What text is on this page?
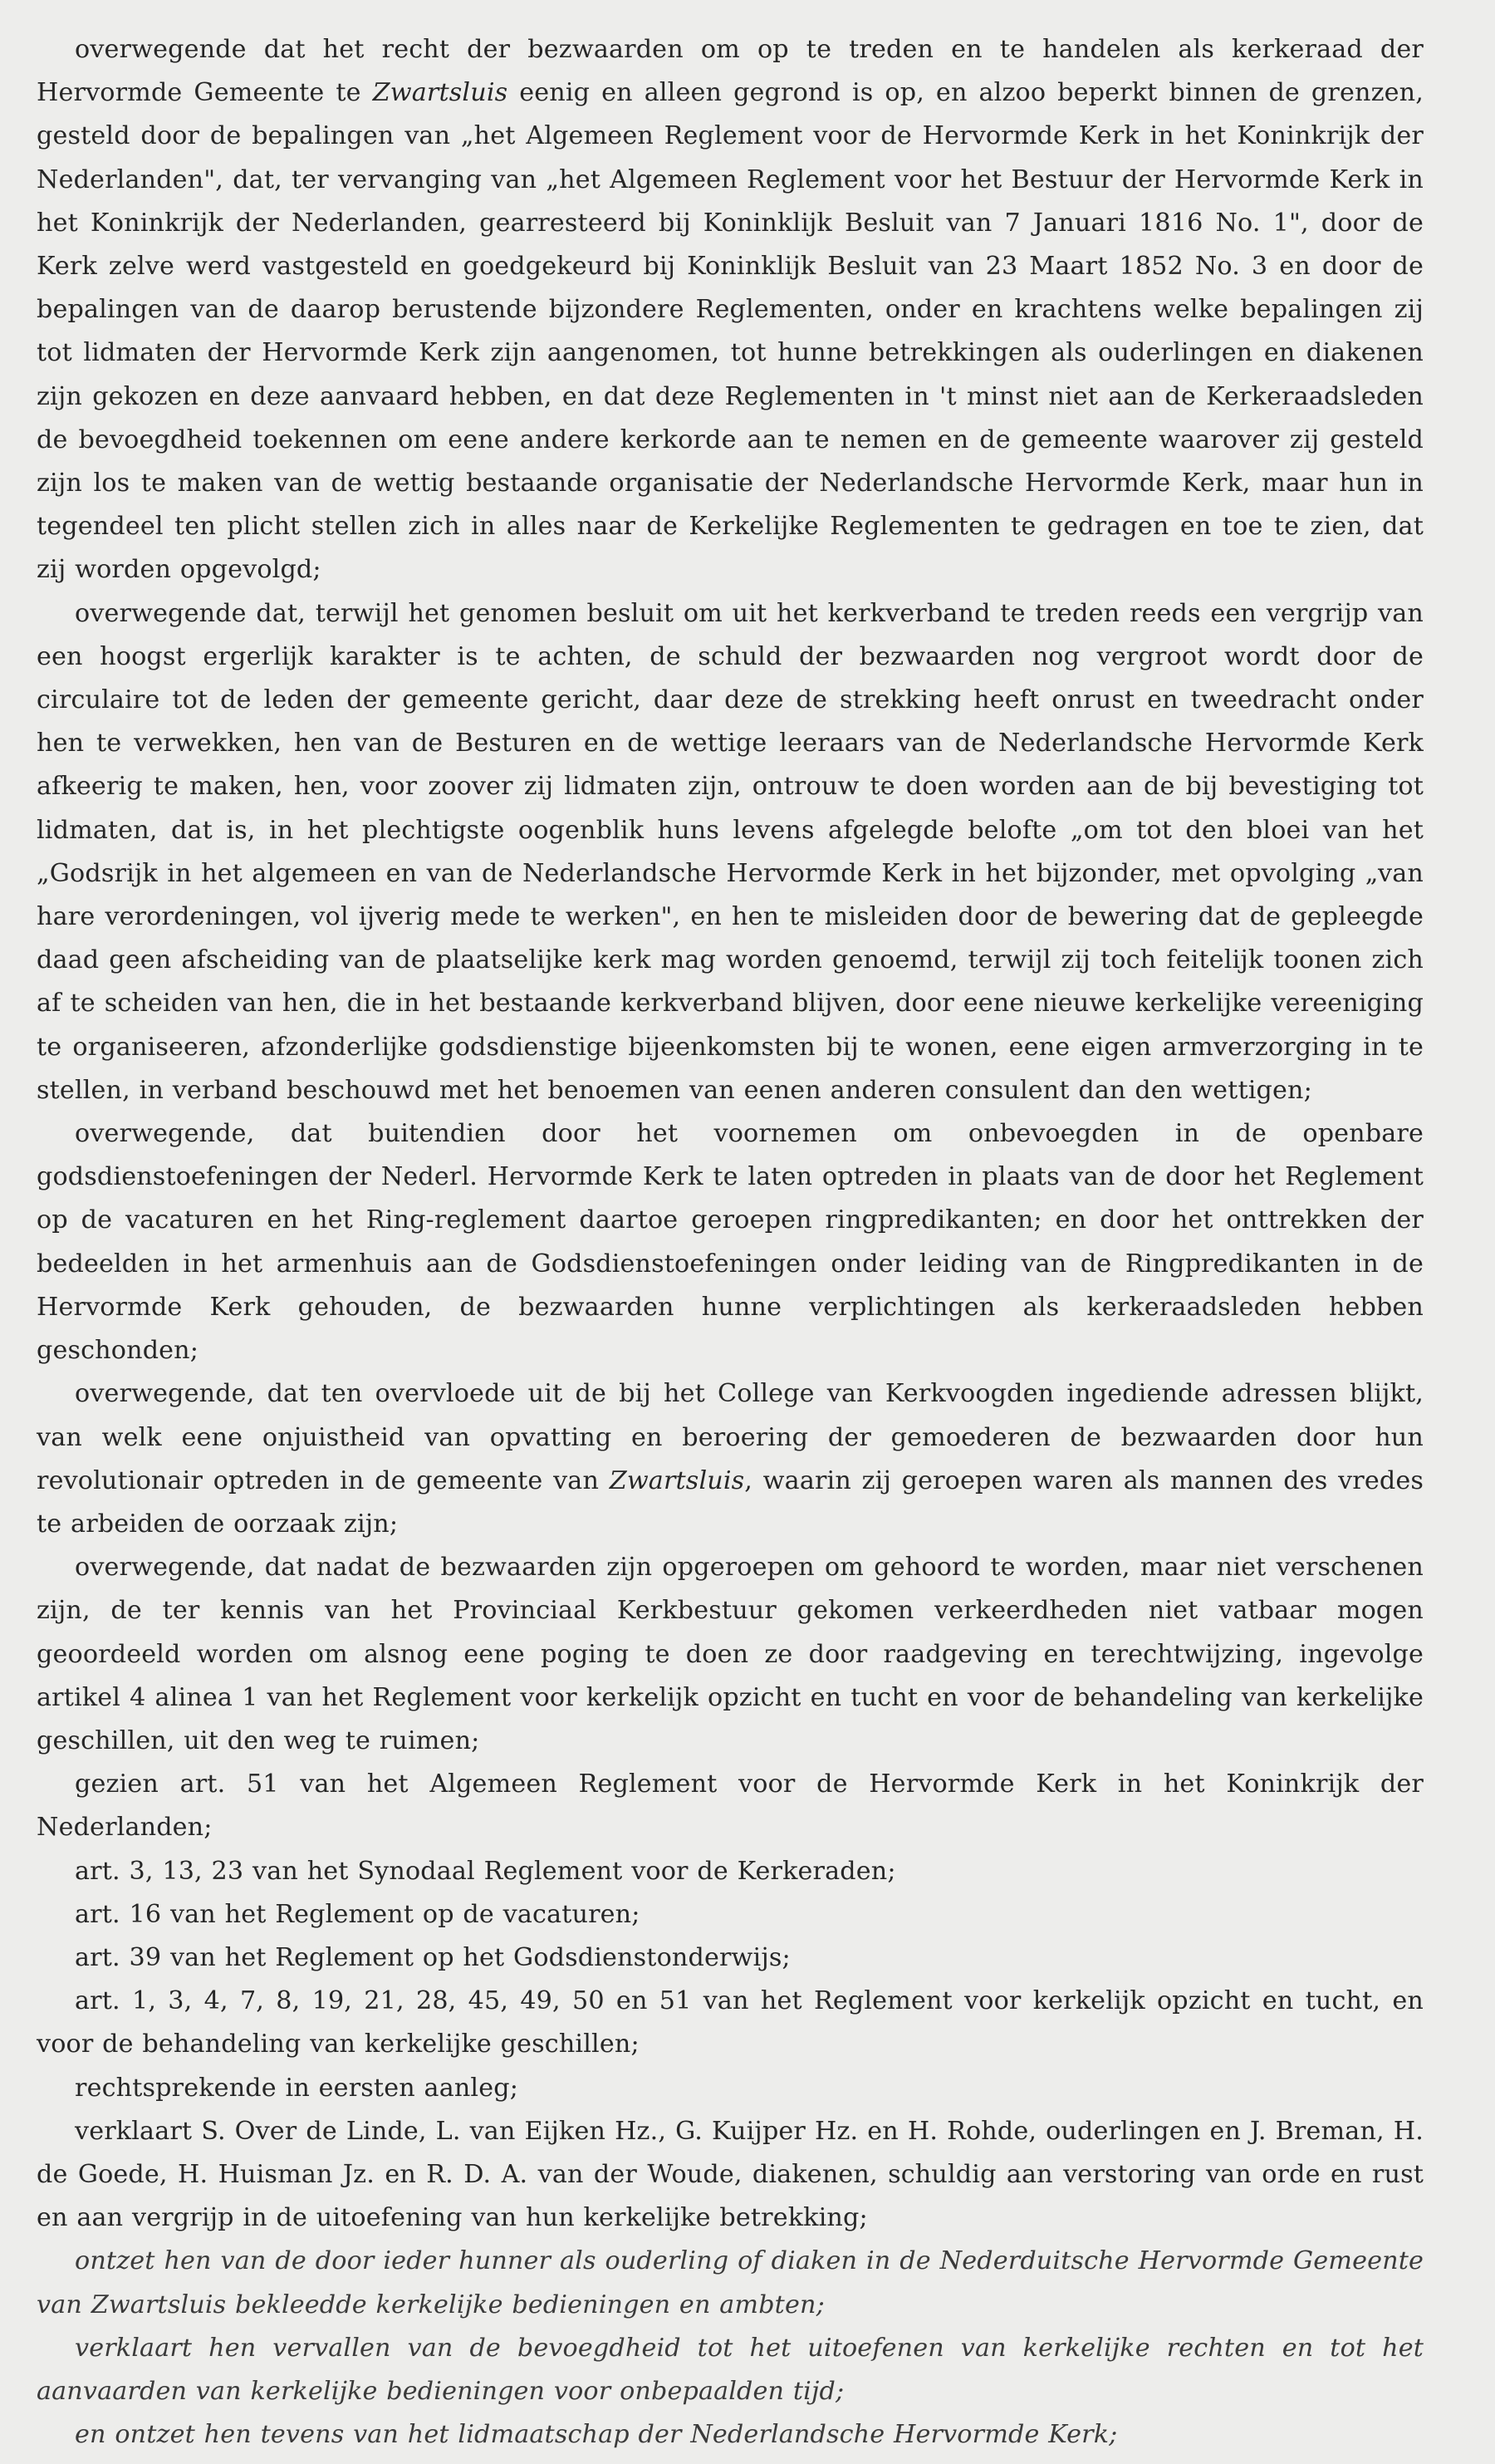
overwegende dat het recht der bezwaarden om op te treden en te handelen als kerkeraad der Hervormde Gemeente te Zwartsluis eenig en alleen gegrond is op, en alzoo beperkt binnen de grenzen, gesteld door de bepalingen van „het Algemeen Reglement voor de Hervormde Kerk in het Koninkrijk der Nederlanden", dat, ter vervanging van „het Algemeen Reglement voor het Bestuur der Hervormde Kerk in het Koninkrijk der Nederlanden, gearresteerd bij Koninklijk Besluit van 7 Januari 1816 No. 1", door de Kerk zelve werd vastgesteld en goedgekeurd bij Koninklijk Besluit van 23 Maart 1852 No. 3 en door de bepalingen van de daarop berustende bijzondere Reglementen, onder en krachtens welke bepalingen zij tot lidmaten der Hervormde Kerk zijn aangenomen, tot hunne betrekkingen als ouderlingen en diakenen zijn gekozen en deze aanvaard hebben, en dat deze Reglementen in 't minst niet aan de Kerkeraadsleden de bevoegdheid toekennen om eene andere kerkorde aan te nemen en de gemeente waarover zij gesteld zijn los te maken van de wettig bestaande organisatie der Nederlandsche Hervormde Kerk, maar hun in tegendeel ten plicht stellen zich in alles naar de Kerkelijke Reglementen te gedragen en toe te zien, dat zij worden opgevolgd;

overwegende dat, terwijl het genomen besluit om uit het kerkverband te treden reeds een vergrijp van een hoogst ergerlijk karakter is te achten, de schuld der bezwaarden nog vergroot wordt door de circulaire tot de leden der gemeente gericht, daar deze de strekking heeft onrust en tweedracht onder hen te verwekken, hen van de Besturen en de wettige leeraars van de Nederlandsche Hervormde Kerk afkeerig te maken, hen, voor zoover zij lidmaten zijn, ontrouw te doen worden aan de bij bevestiging tot lidmaten, dat is, in het plechtigste oogenblik huns levens afgelegde belofte „om tot den bloei van het „Godsrijk in het algemeen en van de Nederlandsche Hervormde Kerk in het bijzonder, met opvolging „van hare verordeningen, vol ijverig mede te werken", en hen te misleiden door de bewering dat de gepleegde daad geen afscheiding van de plaatselijke kerk mag worden genoemd, terwijl zij toch feitelijk toonen zich af te scheiden van hen, die in het bestaande kerkverband blijven, door eene nieuwe kerkelijke vereeniging te organiseeren, afzonderlijke godsdienstige bijeenkomsten bij te wonen, eene eigen armverzorging in te stellen, in verband beschouwd met het benoemen van eenen anderen consulent dan den wettigen;

overwegende, dat buitendien door het voornemen om onbevoegden in de openbare godsdienstoefeningen der Nederl. Hervormde Kerk te laten optreden in plaats van de door het Reglement op de vacaturen en het Ring-reglement daartoe geroepen ringpredikanten; en door het onttrekken der bedeelden in het armenhuis aan de Godsdienstoefeningen onder leiding van de Ringpredikanten in de Hervormde Kerk gehouden, de bezwaarden hunne verplichtingen als kerkeraadsleden hebben geschonden;

overwegende, dat ten overvloede uit de bij het College van Kerkvoogden ingediende adressen blijkt, van welk eene onjuistheid van opvatting en beroering der gemoederen de bezwaarden door hun revolutionair optreden in de gemeente van Zwartsluis, waarin zij geroepen waren als mannen des vredes te arbeiden de oorzaak zijn;

overwegende, dat nadat de bezwaarden zijn opgeroepen om gehoord te worden, maar niet verschenen zijn, de ter kennis van het Provinciaal Kerkbestuur gekomen verkeerdheden niet vatbaar mogen geoordeeld worden om alsnog eene poging te doen ze door raadgeving en terechtwijzing, ingevolge artikel 4 alinea 1 van het Reglement voor kerkelijk opzicht en tucht en voor de behandeling van kerkelijke geschillen, uit den weg te ruimen;

gezien art. 51 van het Algemeen Reglement voor de Hervormde Kerk in het Koninkrijk der Nederlanden;

art. 3, 13, 23 van het Synodaal Reglement voor de Kerkeraden;

art. 16 van het Reglement op de vacaturen;

art. 39 van het Reglement op het Godsdienstonderwijs;

art. 1, 3, 4, 7, 8, 19, 21, 28, 45, 49, 50 en 51 van het Reglement voor kerkelijk opzicht en tucht, en voor de behandeling van kerkelijke geschillen;

rechtsprekende in eersten aanleg;

verklaart S. Over de Linde, L. van Eijken Hz., G. Kuijper Hz. en H. Rohde, ouderlingen en J. Breman, H. de Goede, H. Huisman Jz. en R. D. A. van der Woude, diakenen, schuldig aan verstoring van orde en rust en aan vergrijp in de uitoefening van hun kerkelijke betrekking;

ontzet hen van de door ieder hunner als ouderling of diaken in de Nederduitsche Hervormde Gemeente van Zwartsluis bekleedde kerkelijke bedieningen en ambten;

verklaart hen vervallen van de bevoegdheid tot het uitoefenen van kerkelijke rechten en tot het aanvaarden van kerkelijke bedieningen voor onbepaalden tijd;

en ontzet hen tevens van het lidmaatschap der Nederlandsche Hervormde Kerk;
